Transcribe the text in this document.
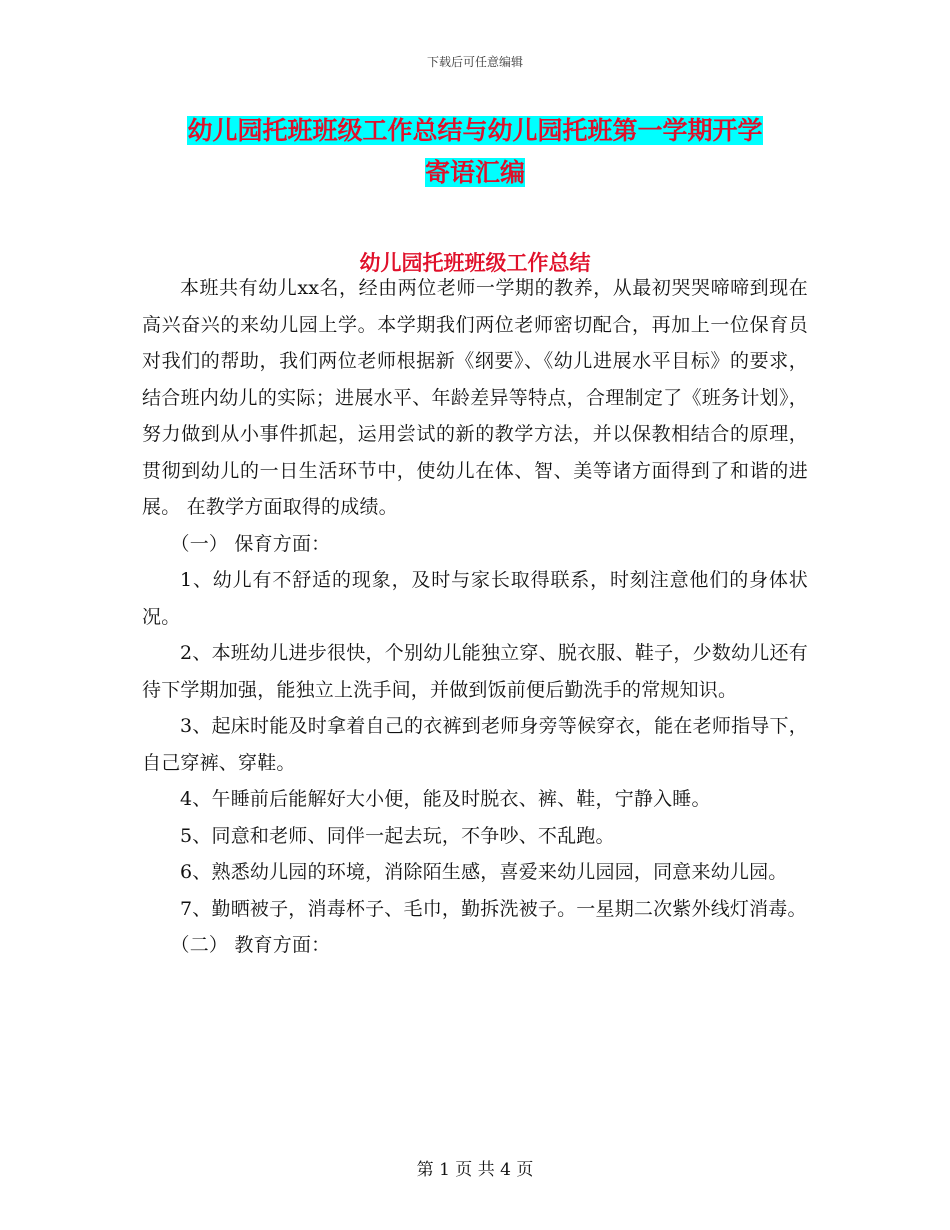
下载后可任意编辑
幼儿园托班班级工作总结与幼儿园托班第一学期开学
寄语汇编
幼儿园托班班级工作总结

本班共有幼儿xx名，经由两位老师一学期的教养，从最初哭哭啼啼到现在高兴奋兴的来幼儿园上学。本学期我们两位老师密切配合，再加上一位保育员对我们的帮助，我们两位老师根据新《纲要》、《幼儿进展水平目标》的要求，结合班内幼儿的实际；进展水平、年龄差异等特点，合理制定了《班务计划》，努力做到从小事件抓起，运用尝试的新的教学方法，并以保教相结合的原理，贯彻到幼儿的一日生活环节中，使幼儿在体、智、美等诸方面得到了和谐的进展。 在教学方面取得的成绩。

（一） 保育方面：

1、幼儿有不舒适的现象，及时与家长取得联系，时刻注意他们的身体状况。

2、本班幼儿进步很快，个别幼儿能独立穿、脱衣服、鞋子，少数幼儿还有待下学期加强，能独立上洗手间，并做到饭前便后勤洗手的常规知识。

3、起床时能及时拿着自己的衣裤到老师身旁等候穿衣，能在老师指导下，自己穿裤、穿鞋。

4、午睡前后能解好大小便，能及时脱衣、裤、鞋，宁静入睡。

5、同意和老师、同伴一起去玩，不争吵、不乱跑。

6、熟悉幼儿园的环境，消除陌生感，喜爱来幼儿园园，同意来幼儿园。

7、勤晒被子，消毒杯子、毛巾，勤拆洗被子。一星期二次紫外线灯消毒。

（二） 教育方面：

第 1 页 共 4 页
